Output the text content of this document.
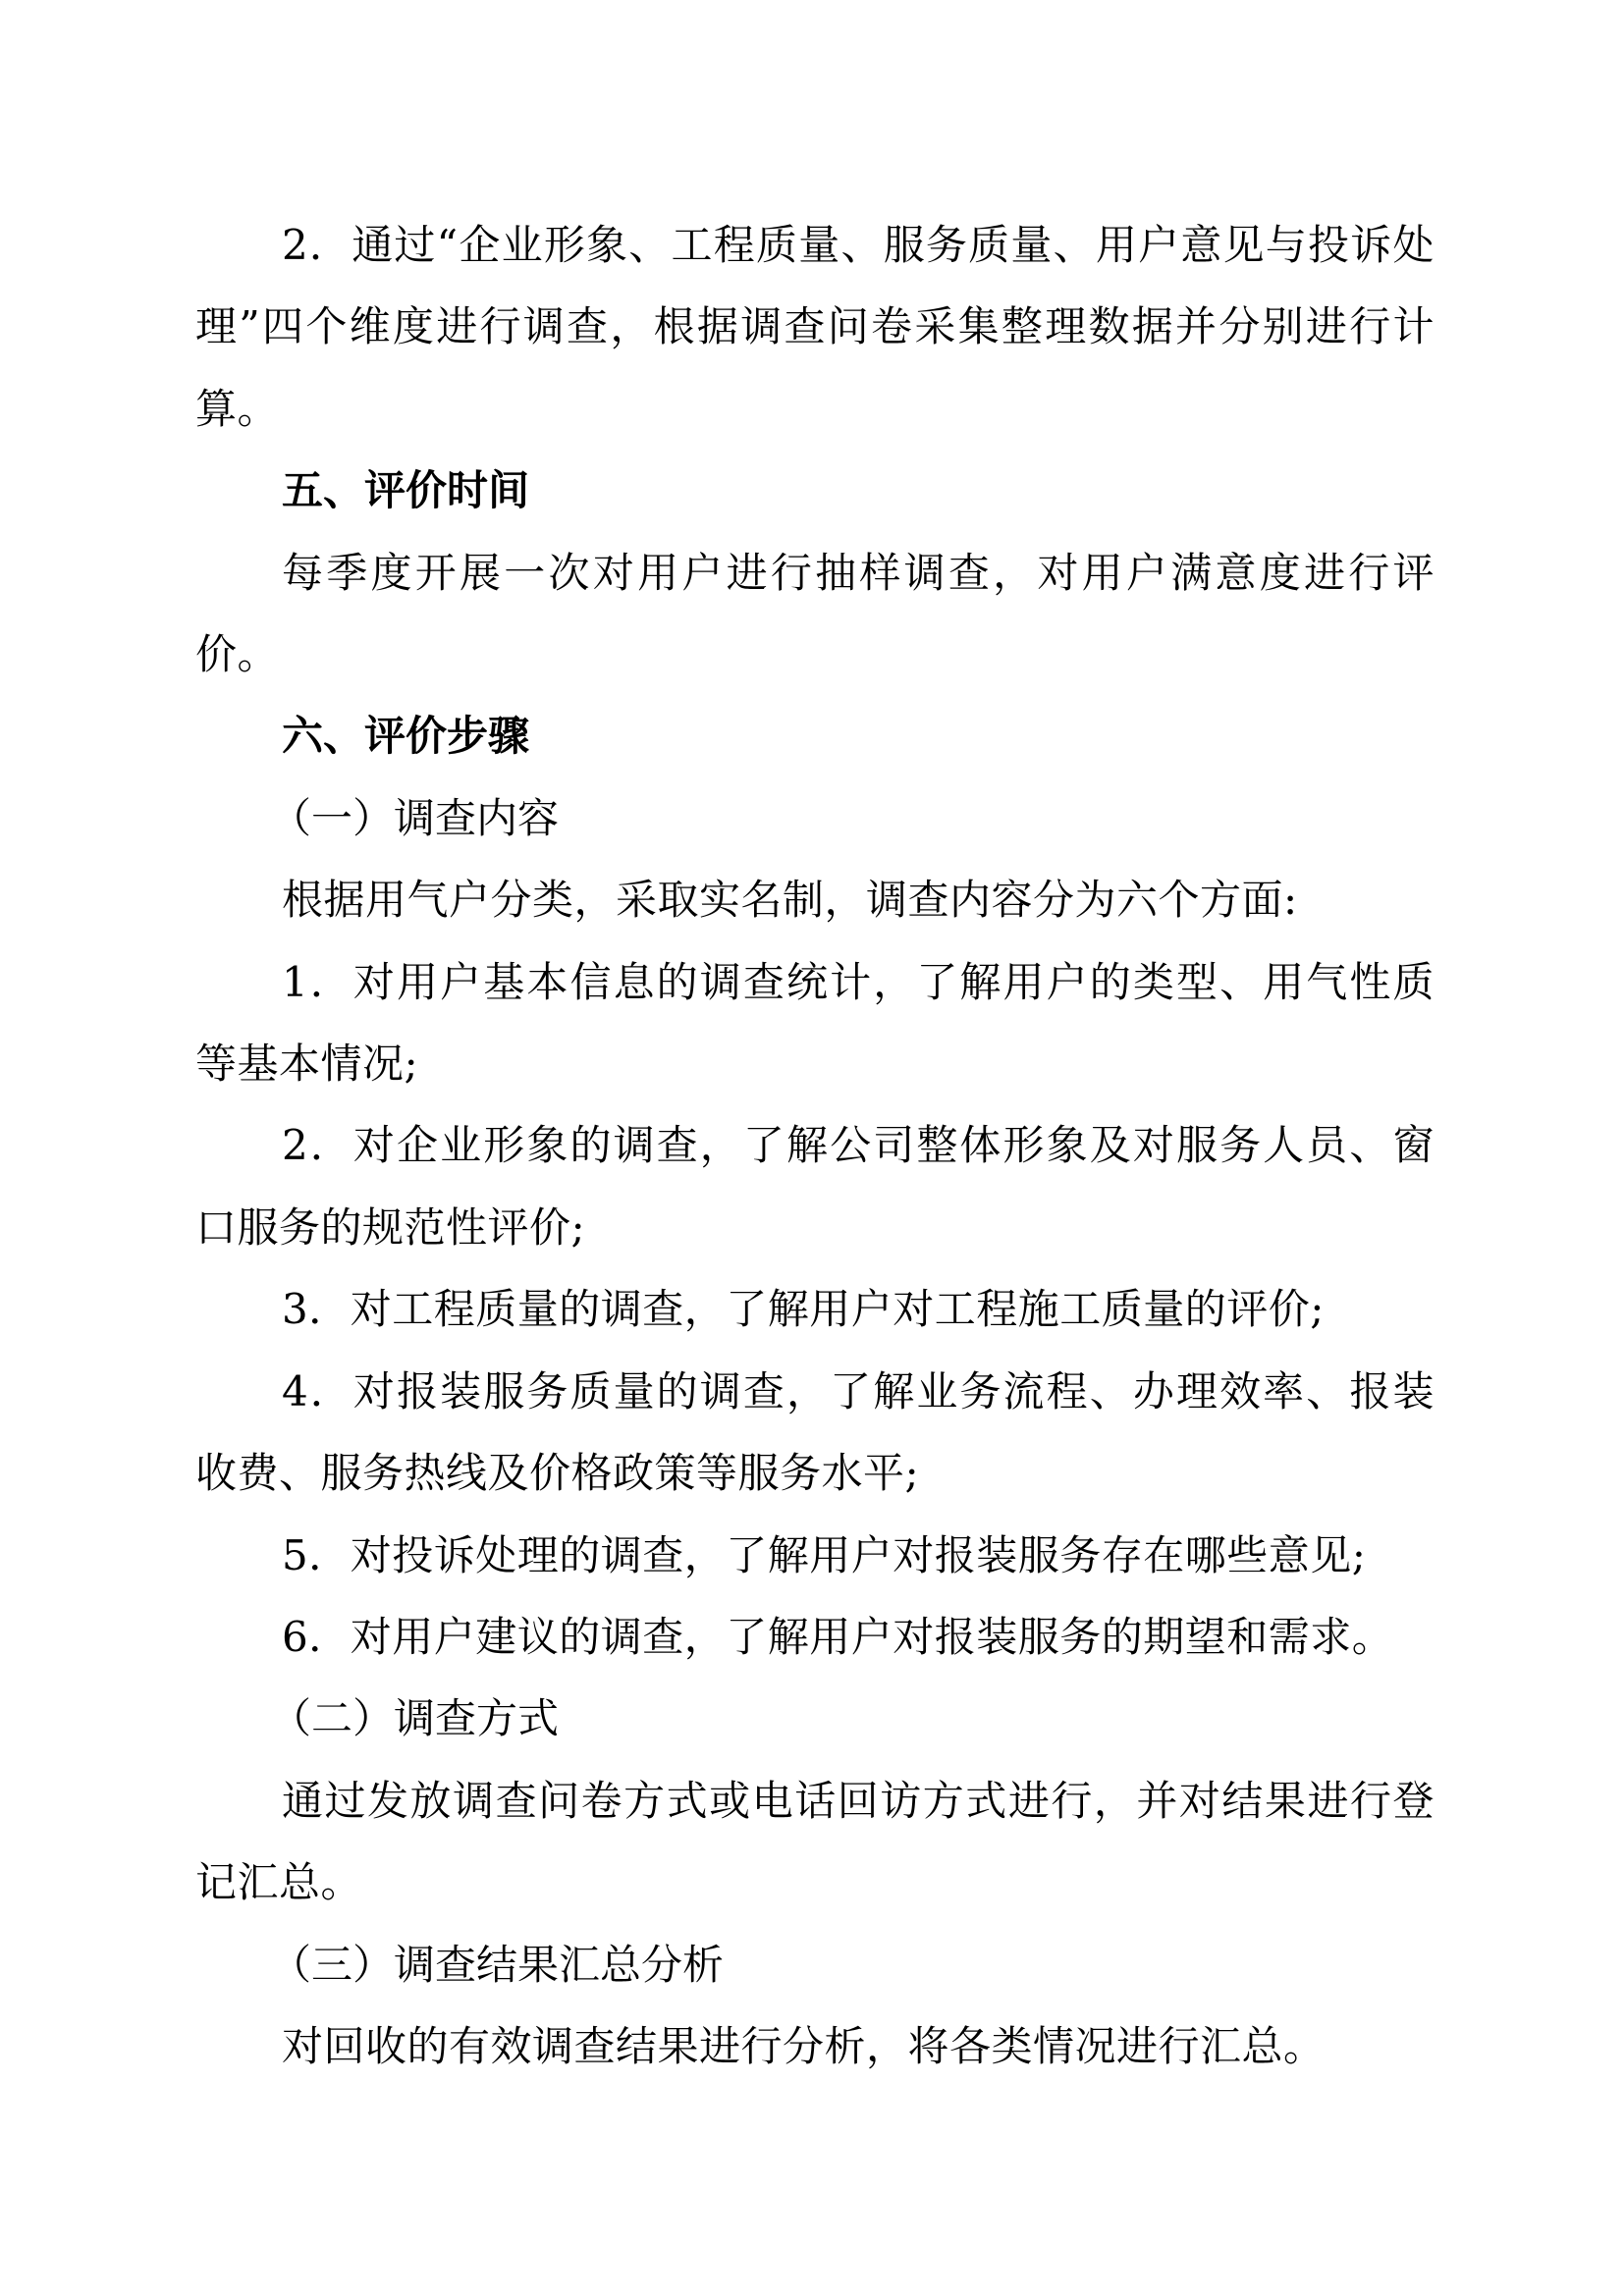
2．通过“企业形象、工程质量、服务质量、用户意见与投诉处理”四个维度进行调查，根据调查问卷采集整理数据并分别进行计算。

五、评价时间

每季度开展一次对用户进行抽样调查，对用户满意度进行评价。

六、评价步骤

（一）调查内容

根据用气户分类，采取实名制，调查内容分为六个方面:

1．对用户基本信息的调查统计，了解用户的类型、用气性质等基本情况;

2．对企业形象的调查，了解公司整体形象及对服务人员、窗口服务的规范性评价;

3．对工程质量的调查，了解用户对工程施工质量的评价;

4．对报装服务质量的调查，了解业务流程、办理效率、报装收费、服务热线及价格政策等服务水平;

5．对投诉处理的调查，了解用户对报装服务存在哪些意见;

6．对用户建议的调查，了解用户对报装服务的期望和需求。

（二）调查方式

通过发放调查问卷方式或电话回访方式进行，并对结果进行登记汇总。

（三）调查结果汇总分析

对回收的有效调查结果进行分析，将各类情况进行汇总。
